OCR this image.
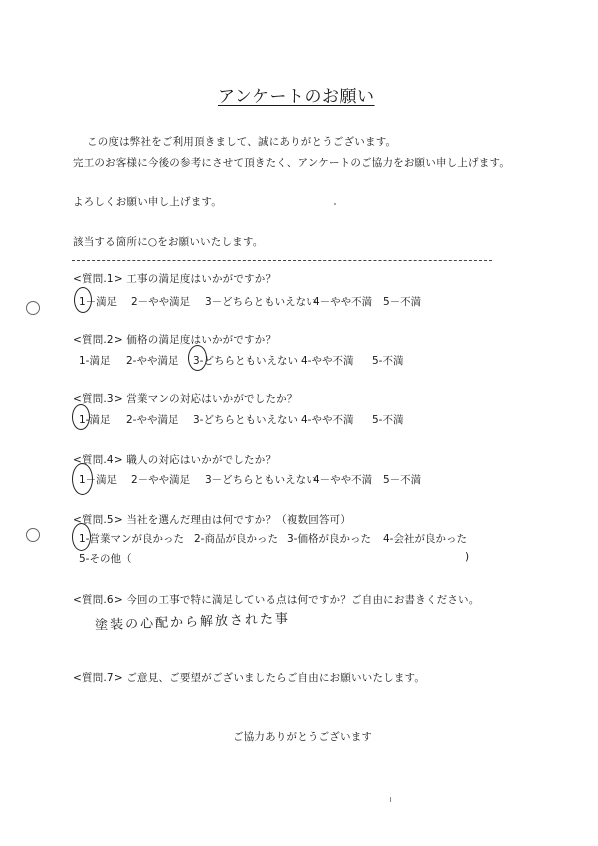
アンケートのお願い
この度は弊社をご利用頂きまして、誠にありがとうございます。
完工のお客様に今後の参考にさせて頂きたく、アンケートのご協力をお願い申し上げます。
よろしくお願い申し上げます。
該当する箇所に○をお願いいたします。
<質問.1> 工事の満足度はいかがですか？
1－満足 2－やや満足 3－どちらともいえない
4－やや不満 5－不満
<質問.2> 価格の満足度はいかがですか？
1-満足 2-やや満足 3-どちらともいえない 4-やや不満 5-不満
<質問.3> 営業マンの対応はいかがでしたか？
1-満足 2-やや満足 3-どちらともいえない 4-やや不満 5-不満
<質問.4> 職人の対応はいかがでしたか？
1－満足 2－やや満足 3－どちらともいえない
4－やや不満 5－不満
<質問.5> 当社を選んだ理由は何ですか？（複数回答可）
1-営業マンが良かった 2-商品が良かった 3-価格が良かった 4-会社が良かった
5-その他（	)
<質問.6> 今回の工事で特に満足している点は何ですか？ご自由にお書きください。
塗装の心配から解放された事
<質問.7> ご意見、ご要望がございましたらご自由にお願いいたします。
ご協力ありがとうございます
